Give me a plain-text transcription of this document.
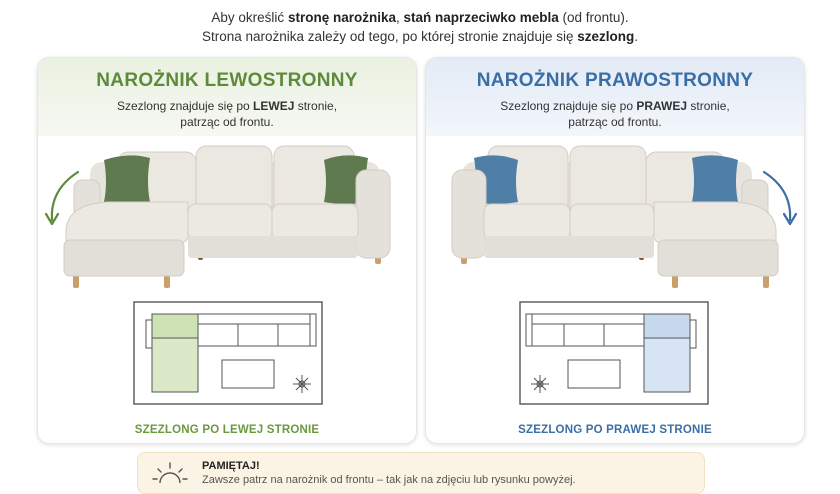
Aby określić stronę narożnika, stań naprzeciwko mebla (od frontu).
Strona narożnika zależy od tego, po której stronie znajduje się szezlong.
NAROŻNIK LEWOSTRONNY
Szezlong znajduje się po LEWEJ stronie,
patrząc od frontu.
SZEZLONG PO LEWEJ STRONIE
NAROŻNIK PRAWOSTRONNY
Szezlong znajduje się po PRAWEJ stronie,
patrząc od frontu.
SZEZLONG PO PRAWEJ STRONIE
PAMIĘTAJ!
Zawsze patrz na narożnik od frontu – tak jak na zdjęciu lub rysunku powyżej.
